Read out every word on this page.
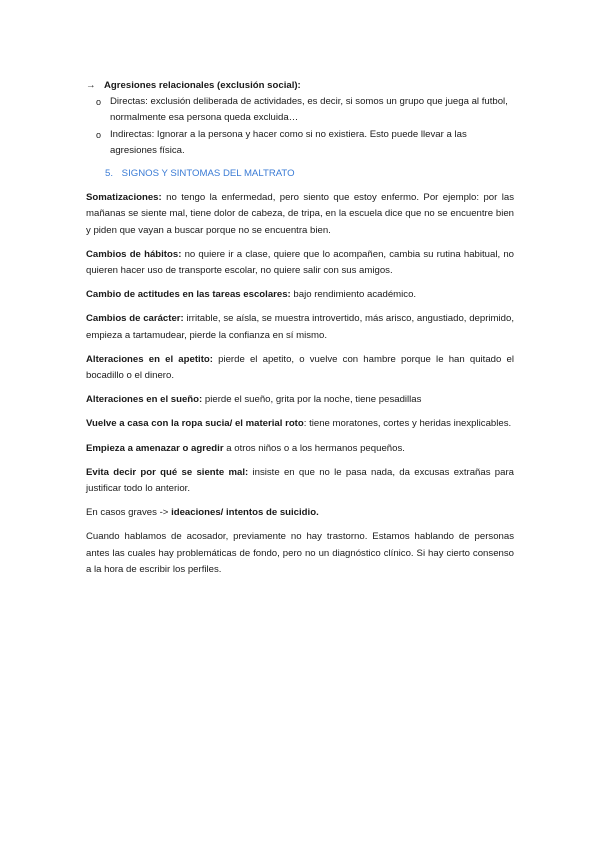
→ Agresiones relacionales (exclusión social):
o Directas: exclusión deliberada de actividades, es decir, si somos un grupo que juega al futbol, normalmente esa persona queda excluida…
o Indirectas: Ignorar a la persona y hacer como si no existiera. Esto puede llevar a las agresiones física.
5. SIGNOS Y SINTOMAS DEL MALTRATO

Somatizaciones: no tengo la enfermedad, pero siento que estoy enfermo. Por ejemplo: por las mañanas se siente mal, tiene dolor de cabeza, de tripa, en la escuela dice que no se encuentre bien y piden que vayan a buscar porque no se encuentra bien.

Cambios de hábitos: no quiere ir a clase, quiere que lo acompañen, cambia su rutina habitual, no quieren hacer uso de transporte escolar, no quiere salir con sus amigos.

Cambio de actitudes en las tareas escolares: bajo rendimiento académico.

Cambios de carácter: irritable, se aísla, se muestra introvertido, más arisco, angustiado, deprimido, empieza a tartamudear, pierde la confianza en sí mismo.

Alteraciones en el apetito: pierde el apetito, o vuelve con hambre porque le han quitado el bocadillo o el dinero.

Alteraciones en el sueño: pierde el sueño, grita por la noche, tiene pesadillas

Vuelve a casa con la ropa sucia/ el material roto: tiene moratones, cortes y heridas inexplicables.

Empieza a amenazar o agredir a otros niños o a los hermanos pequeños.

Evita decir por qué se siente mal: insiste en que no le pasa nada, da excusas extrañas para justificar todo lo anterior.

En casos graves -> ideaciones/ intentos de suicidio.

Cuando hablamos de acosador, previamente no hay trastorno. Estamos hablando de personas antes las cuales hay problemáticas de fondo, pero no un diagnóstico clínico. Si hay cierto consenso a la hora de escribir los perfiles.
